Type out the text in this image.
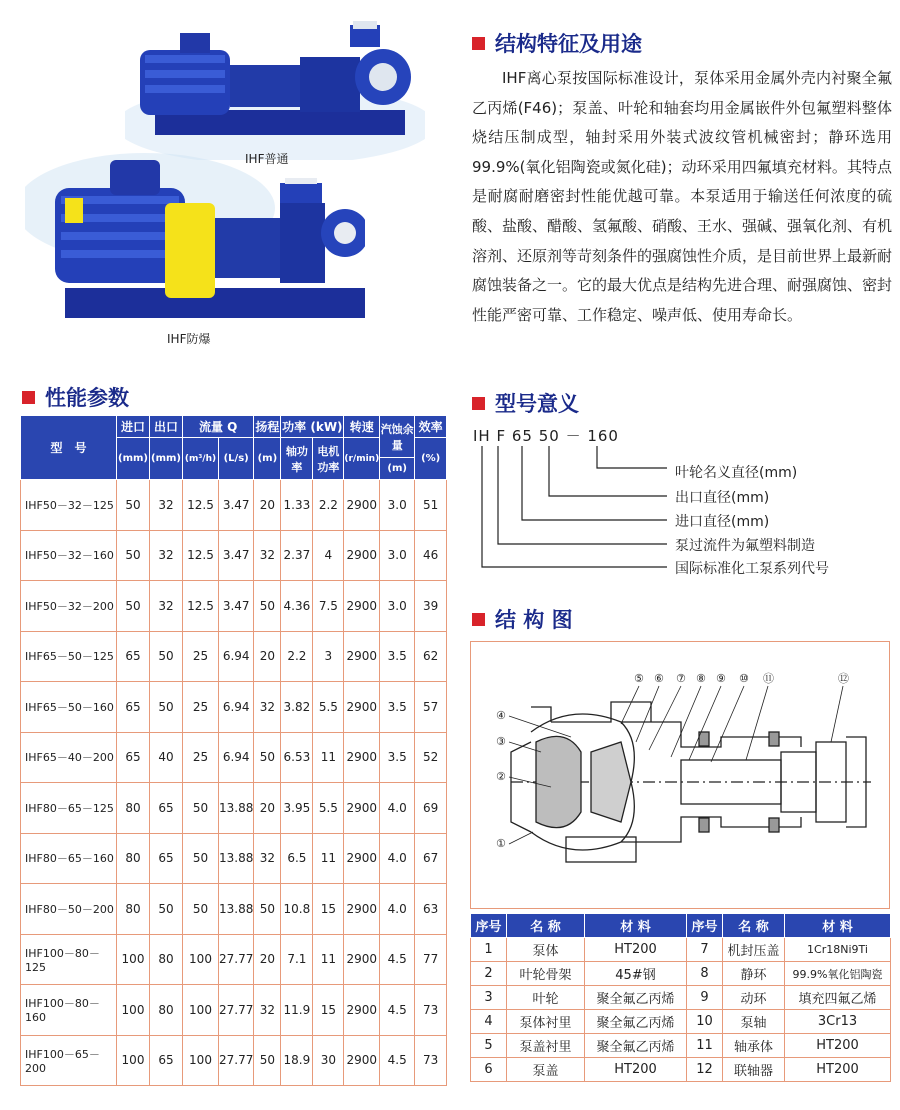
IHF普通
IHF防爆
结构特征及用途

IHF离心泵按国际标准设计，泵体采用金属外壳内衬聚全氟乙丙烯(F46)；泵盖、叶轮和轴套均用金属嵌件外包氟塑料整体烧结压制成型，轴封采用外装式波纹管机械密封；静环选用99.9%(氧化铝陶瓷或氮化硅)；动环采用四氟填充材料。其特点是耐腐耐磨密封性能优越可靠。本泵适用于输送任何浓度的硫酸、盐酸、醋酸、氢氟酸、硝酸、王水、强碱、强氧化剂、有机溶剂、还原剂等苛刻条件的强腐蚀性介质，是目前世界上最新耐腐蚀装备之一。它的最大优点是结构先进合理、耐强腐蚀、密封性能严密可靠、工作稳定、噪声低、使用寿命长。

性能参数
型　号	进口	出口	流量 Q		扬程	功率 (kW)		转速	汽蚀余量	效率
	(mm)	(mm)	(m³/h)	(L/s)	(m)	轴功率	电机功率	(r/min)		(%)
									(m)	
IHF50－32－125	50	32	12.5	3.47	20	1.33	2.2	2900	3.0	51
IHF50－32－160	50	32	12.5	3.47	32	2.37	4	2900	3.0	46
IHF50－32－200	50	32	12.5	3.47	50	4.36	7.5	2900	3.0	39
IHF65－50－125	65	50	25	6.94	20	2.2	3	2900	3.5	62
IHF65－50－160	65	50	25	6.94	32	3.82	5.5	2900	3.5	57
IHF65－40－200	65	40	25	6.94	50	6.53	11	2900	3.5	52
IHF80－65－125	80	65	50	13.88	20	3.95	5.5	2900	4.0	69
IHF80－65－160	80	65	50	13.88	32	6.5	11	2900	4.0	67
IHF80－50－200	80	50	50	13.88	50	10.8	15	2900	4.0	63
IHF100－80－125	100	80	100	27.77	20	7.1	11	2900	4.5	77
IHF100－80－160	100	80	100	27.77	32	11.9	15	2900	4.5	73
IHF100－65－200	100	65	100	27.77	50	18.9	30	2900	4.5	73
型号意义
IH F 65 50 － 160
叶轮名义直径(mm)
出口直径(mm)
进口直径(mm)
泵过流件为氟塑料制造
国际标准化工泵系列代号
结 构 图
①
②
③
④
⑤ ⑥ ⑦ ⑧ ⑨ ⑩ ⑪	⑫
序号	名 称	材 料	序号	名 称	材 料
1	泵体	HT200	7	机封压盖	1Cr18Ni9Ti
2	叶轮骨架	45#钢	8	静环	99.9%氧化铝陶瓷
3	叶轮	聚全氟乙丙烯	9	动环	填充四氟乙烯
4	泵体衬里	聚全氟乙丙烯	10	泵轴	3Cr13
5	泵盖衬里	聚全氟乙丙烯	11	轴承体	HT200
6	泵盖	HT200	12	联轴器	HT200
